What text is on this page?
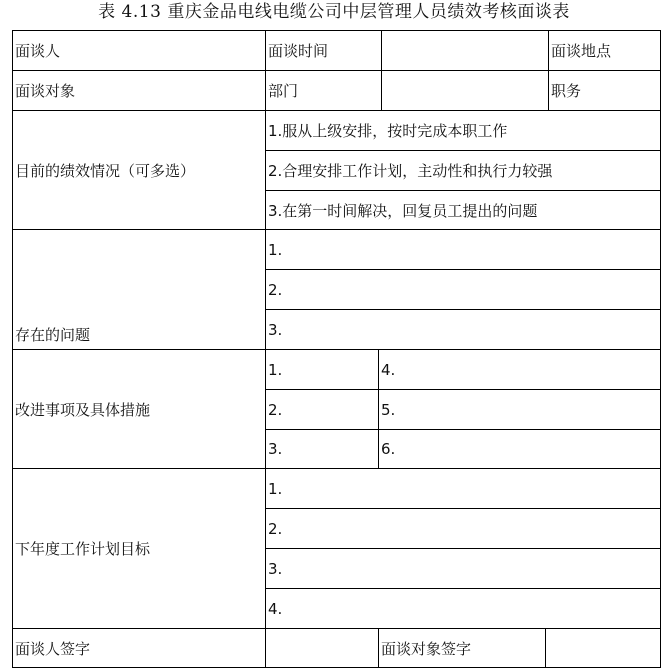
表 4.13 重庆金品电线电缆公司中层管理人员绩效考核面谈表
面谈人	面谈时间	面谈地点
面谈对象	部门	职务
目前的绩效情况（可多选）
1.服从上级安排，按时完成本职工作
2.合理安排工作计划，主动性和执行力较强
3.在第一时间解决，回复员工提出的问题
存在的问题
1.
2.
3.
改进事项及具体措施
1.	4.
2.	5.
3.	6.
下年度工作计划目标
1.
2.
3.
4.
面谈人签字	面谈对象签字
